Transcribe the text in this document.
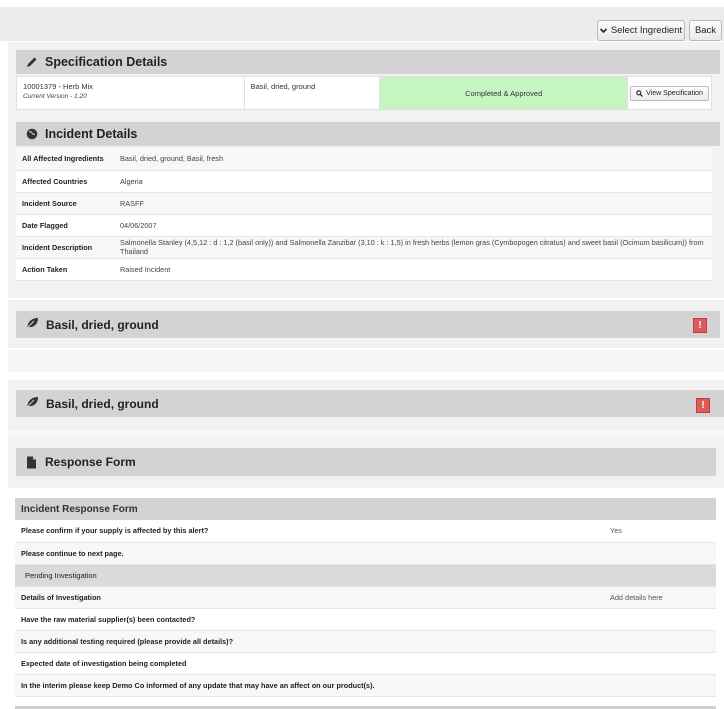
Select Ingredient	Back
Specification Details
Incident Details
10001379 - Herb Mix
Current Version - 1.20
	Basil, dried, ground	Completed & Approved	View Specification
All Affected Ingredients	Basil, dried, ground, Basil, fresh
Affected Countries	Algeria
Incident Source	RASFF
Date Flagged	04/06/2007
Incident Description	Salmonella Stanley (4,5,12 : d : 1,2 (basil only)) and Salmonella Zanzibar (3,10 : k : 1,5) in fresh herbs (lemon gras (Cymbopogen citratus) and sweet basil (Ocimum basilicum)) from Thailand
Action Taken	Raised Incident
Basil, dried, ground	!
Basil, dried, ground	!
Response Form
Incident Response Form
Please confirm if your supply is affected by this alert?	Yes
Please continue to next page.	
Pending Investigation	
Details of Investigation	Add details here
Have the raw material supplier(s) been contacted?	
Is any additional testing required (please provide all details)?	
Expected date of investigation being completed	
In the interim please keep Demo Co informed of any update that may have an affect on our product(s).	
